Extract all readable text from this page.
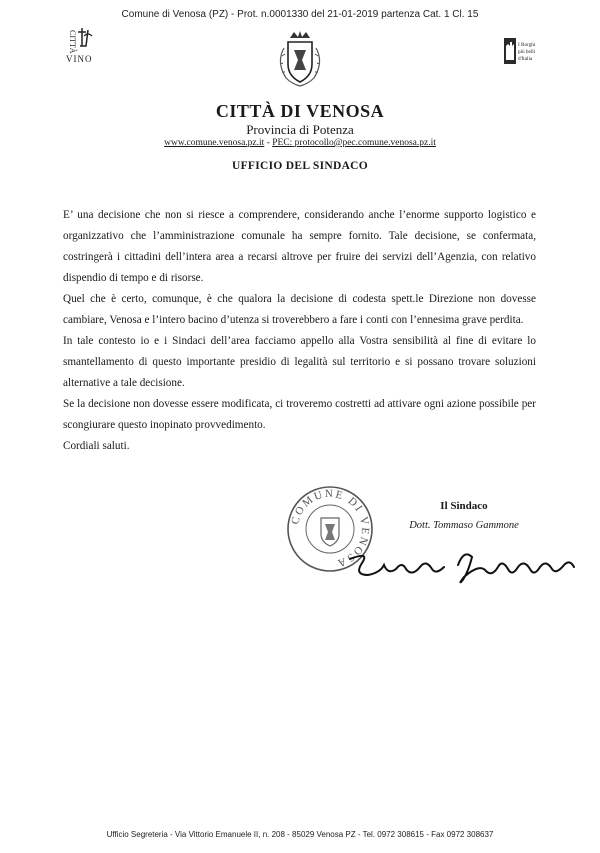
Comune di Venosa (PZ) - Prot. n.0001330 del 21-01-2019 partenza Cat. 1 Cl. 15
CITTÀ
VINO
I Borghi
più belli
d'Italia

CITTÀ DI VENOSA

Provincia di Potenza

www.comune.venosa.pz.it - PEC: protocollo@pec.comune.venosa.pz.it

UFFICIO DEL SINDACO

E’ una decisione che non si riesce a comprendere, considerando anche l’enorme supporto logistico e organizzativo che l’amministrazione comunale ha sempre fornito. Tale decisione, se confermata, costringerà i cittadini dell’intera area a recarsi altrove per fruire dei servizi dell’Agenzia, con relativo dispendio di tempo e di risorse.

Quel che è certo, comunque, è che qualora la decisione di codesta spett.le Direzione non dovesse cambiare, Venosa e l’intero bacino d’utenza si troverebbero a fare i conti con l’ennesima grave perdita.

In tale contesto io e i Sindaci dell’area facciamo appello alla Vostra sensibilità al fine di evitare lo smantellamento di questo importante presidio di legalità sul territorio e si possano trovare soluzioni alternative a tale decisione.

Se la decisione non dovesse essere modificata, ci troveremo costretti ad attivare ogni azione possibile per scongiurare questo inopinato provvedimento.

Cordiali saluti.

COMUNE DI VENOSA
Il Sindaco
Dott. Tommaso Gammone
Ufficio Segreteria - Via Vittorio Emanuele II, n. 208 - 85029 Venosa PZ - Tel. 0972 308615 - Fax 0972 308637
